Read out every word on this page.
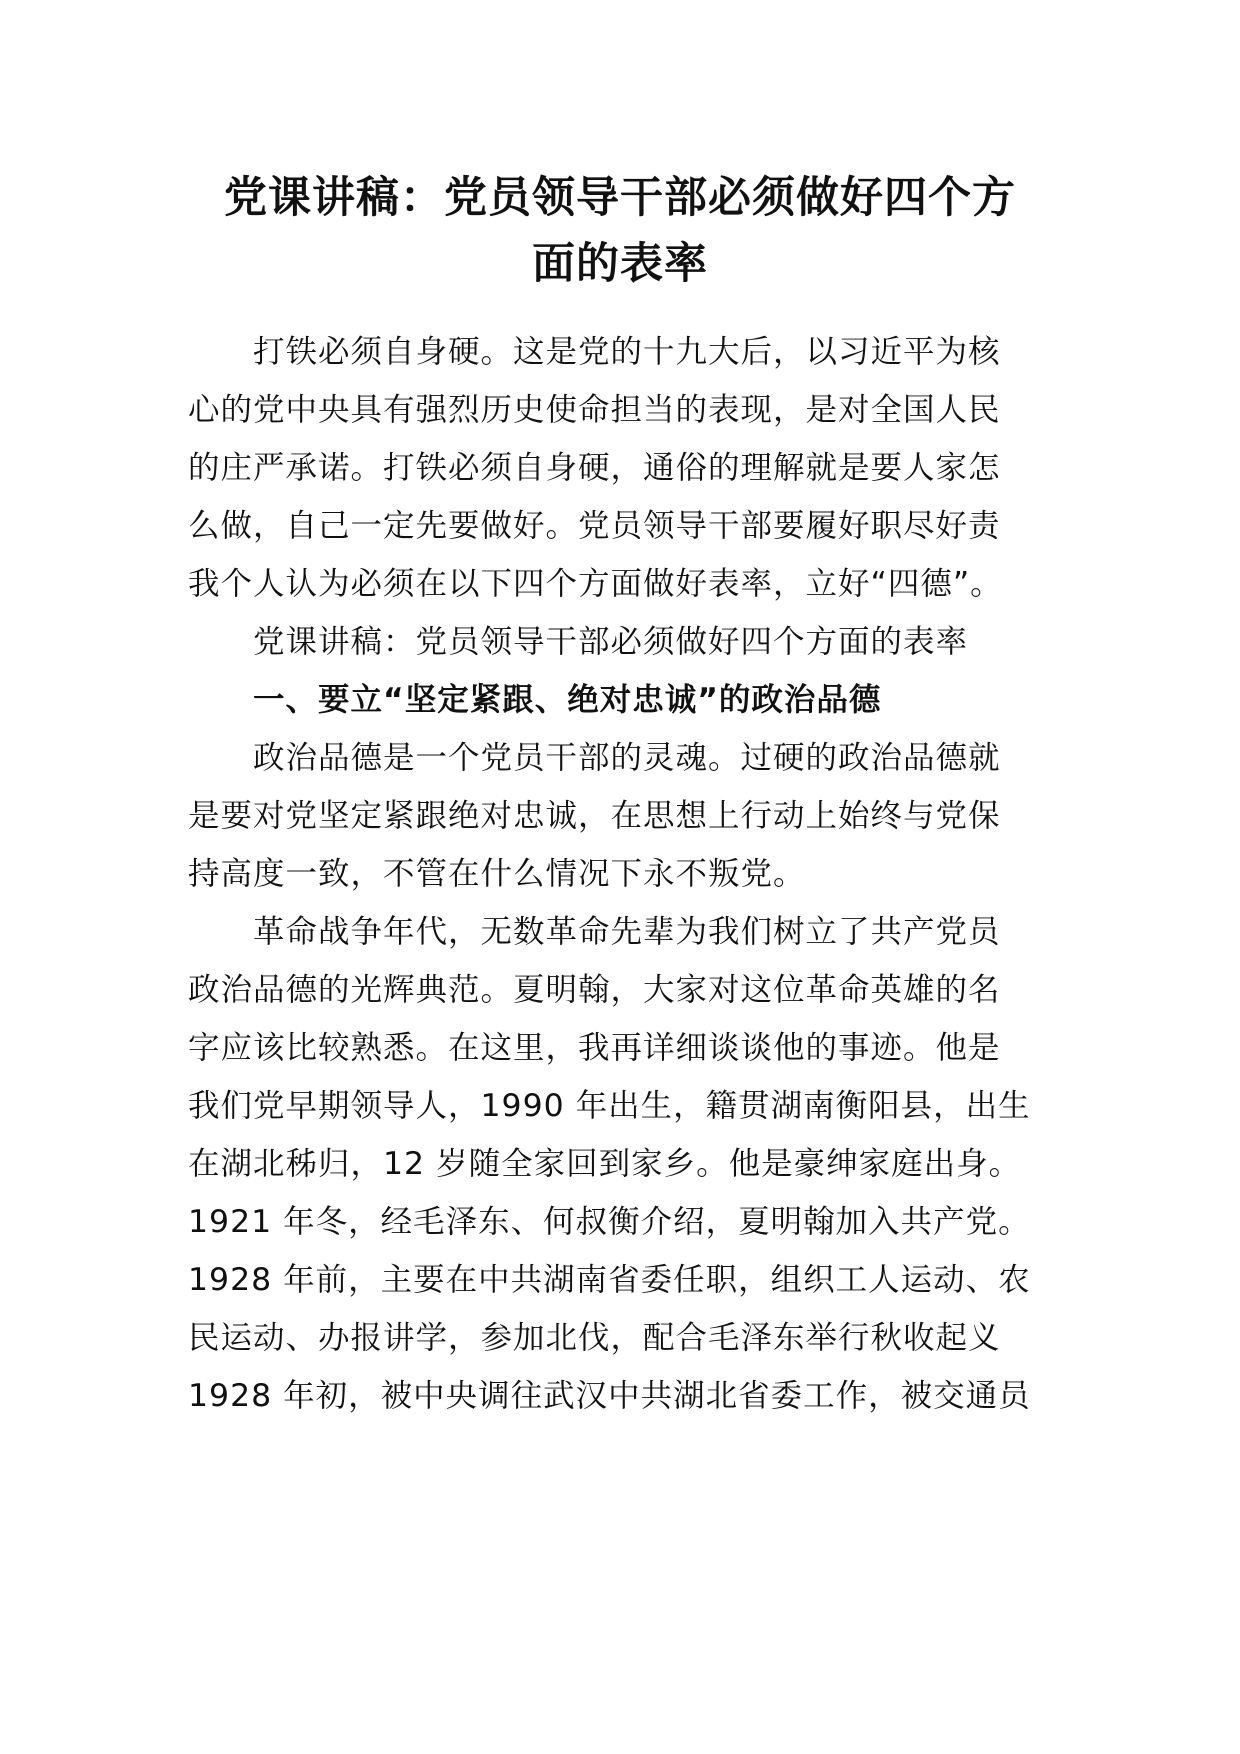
党课讲稿：党员领导干部必须做好四个方
面的表率
打铁必须自身硬。这是党的十九大后，以习近平为核
心的党中央具有强烈历史使命担当的表现，是对全国人民
的庄严承诺。打铁必须自身硬，通俗的理解就是要人家怎
么做，自己一定先要做好。党员领导干部要履好职尽好责
我个人认为必须在以下四个方面做好表率，立好“四德”。
党课讲稿：党员领导干部必须做好四个方面的表率
一、要立“坚定紧跟、绝对忠诚”的政治品德
政治品德是一个党员干部的灵魂。过硬的政治品德就
是要对党坚定紧跟绝对忠诚，在思想上行动上始终与党保
持高度一致，不管在什么情况下永不叛党。
革命战争年代，无数革命先辈为我们树立了共产党员
政治品德的光辉典范。夏明翰，大家对这位革命英雄的名
字应该比较熟悉。在这里，我再详细谈谈他的事迹。他是
我们党早期领导人，1990 年出生，籍贯湖南衡阳县，出生
在湖北秭归，12 岁随全家回到家乡。他是豪绅家庭出身。
1921 年冬，经毛泽东、何叔衡介绍，夏明翰加入共产党。
1928 年前，主要在中共湖南省委任职，组织工人运动、农
民运动、办报讲学，参加北伐，配合毛泽东举行秋收起义
1928 年初，被中央调往武汉中共湖北省委工作，被交通员
